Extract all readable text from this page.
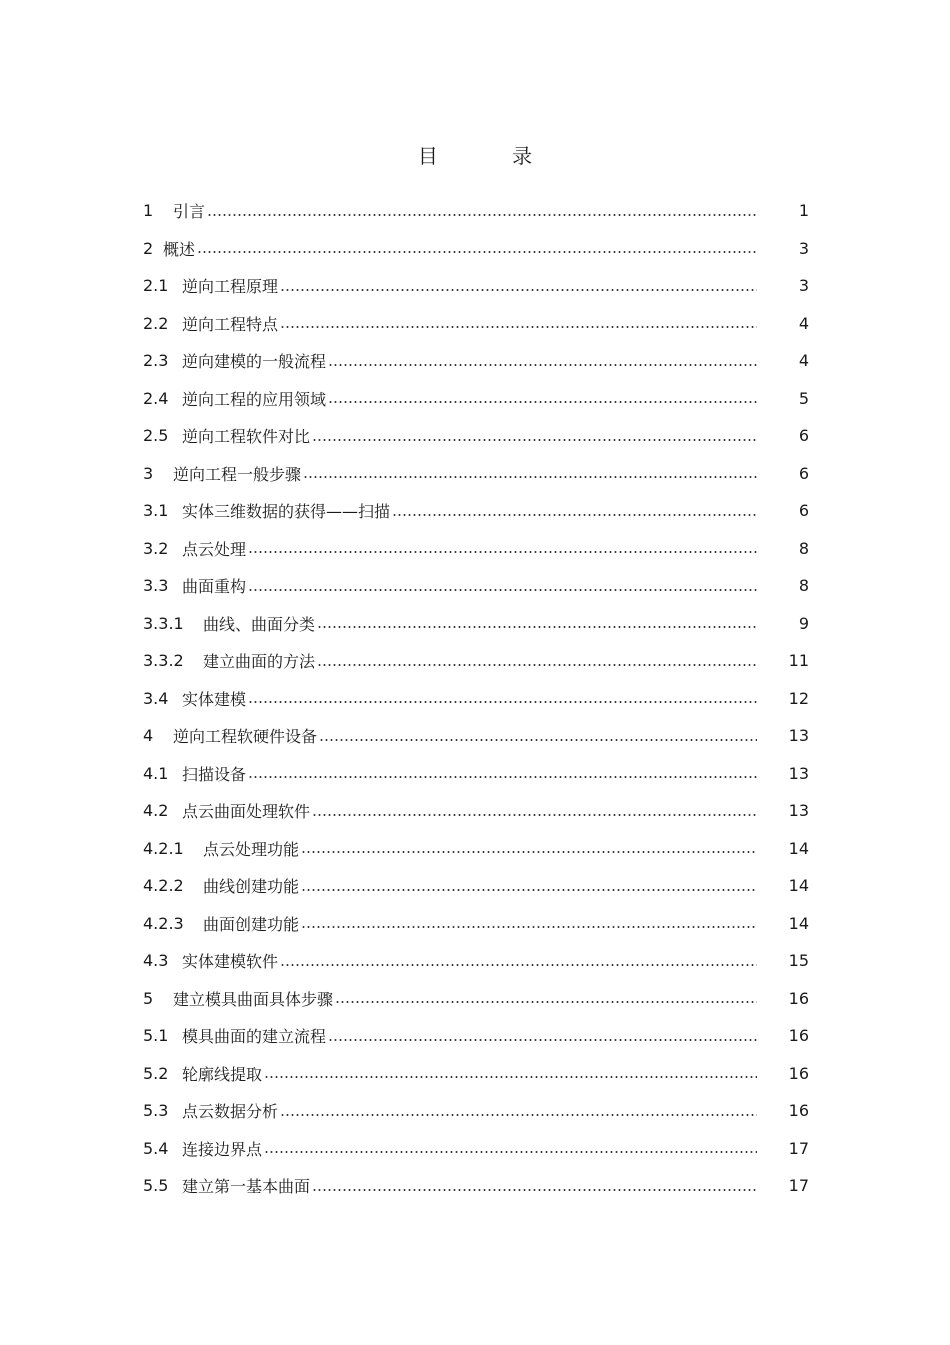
目 录
1	引言	1
2 概述	3
2.1 逆向工程原理	3
2.2 逆向工程特点	4
2.3 逆向建模的一般流程	4
2.4 逆向工程的应用领域	5
2.5 逆向工程软件对比	6
3	逆向工程一般步骤	6
3.1 实体三维数据的获得——扫描	6
3.2 点云处理	8
3.3 曲面重构	8
3.3.1	曲线、曲面分类	9
3.3.2	建立曲面的方法	11
3.4 实体建模	12
4	逆向工程软硬件设备	13
4.1 扫描设备	13
4.2 点云曲面处理软件	13
4.2.1	点云处理功能	14
4.2.2	曲线创建功能	14
4.2.3	曲面创建功能	14
4.3 实体建模软件	15
5	建立模具曲面具体步骤	16
5.1 模具曲面的建立流程	16
5.2 轮廓线提取	16
5.3 点云数据分析	16
5.4 连接边界点	17
5.5 建立第一基本曲面	17
